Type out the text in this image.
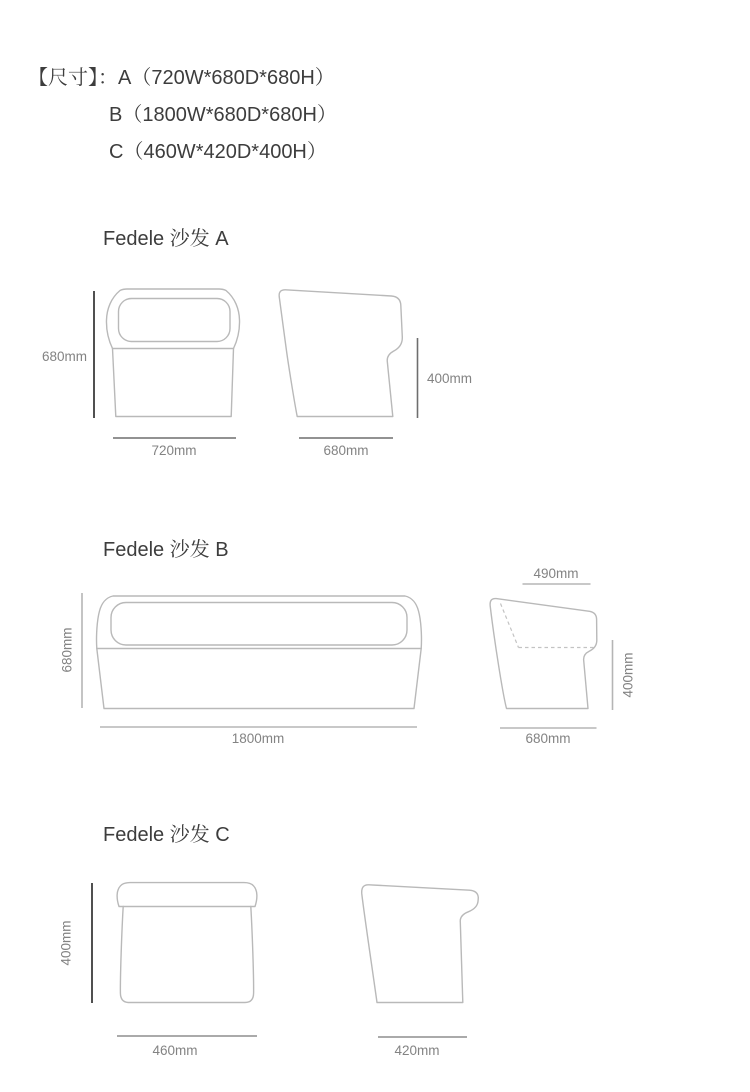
【尺寸】：A（720W*680D*680H）
B（1800W*680D*680H）
C（460W*420D*400H）
Fedele 沙发 A
680mm
720mm
400mm
680mm
Fedele 沙发 B
680mm
1800mm
490mm
400mm
680mm
Fedele 沙发 C
400mm
460mm	420mm
